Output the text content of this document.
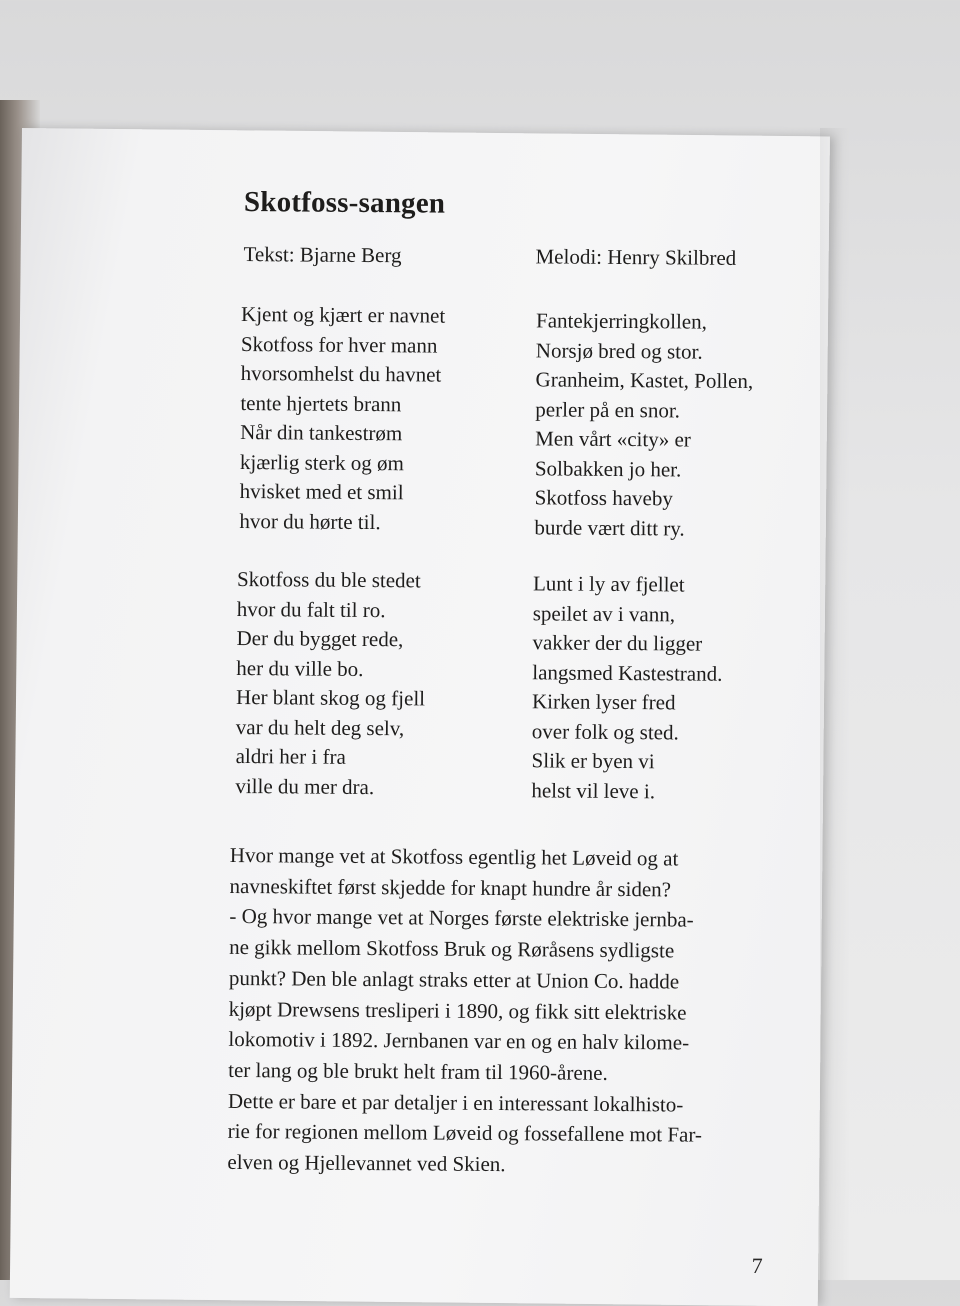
Skotfoss-sangen
Tekst: Bjarne Berg	Melodi: Henry Skilbred
Kjent og kjært er navnet
Skotfoss for hver mann
hvorsomhelst du havnet
tente hjertets brann
Når din tankestrøm
kjærlig sterk og øm
hvisket med et smil
hvor du hørte til.
Fantekjerringkollen,
Norsjø bred og stor.
Granheim, Kastet, Pollen,
perler på en snor.
Men vårt «city» er
Solbakken jo her.
Skotfoss haveby
burde vært ditt ry.
Skotfoss du ble stedet
hvor du falt til ro.
Der du bygget rede,
her du ville bo.
Her blant skog og fjell
var du helt deg selv,
aldri her i fra
ville du mer dra.
Lunt i ly av fjellet
speilet av i vann,
vakker der du ligger
langsmed Kastestrand.
Kirken lyser fred
over folk og sted.
Slik er byen vi
helst vil leve i.
Hvor mange vet at Skotfoss egentlig het Løveid og at
navneskiftet først skjedde for knapt hundre år siden?
- Og hvor mange vet at Norges første elektriske jernba-
ne gikk mellom Skotfoss Bruk og Røråsens sydligste
punkt? Den ble anlagt straks etter at Union Co. hadde
kjøpt Drewsens tresliperi i 1890, og fikk sitt elektriske
lokomotiv i 1892. Jernbanen var en og en halv kilome-
ter lang og ble brukt helt fram til 1960-årene.
Dette er bare et par detaljer i en interessant lokalhisto-
rie for regionen mellom Løveid og fossefallene mot Far-
elven og Hjellevannet ved Skien.
7
